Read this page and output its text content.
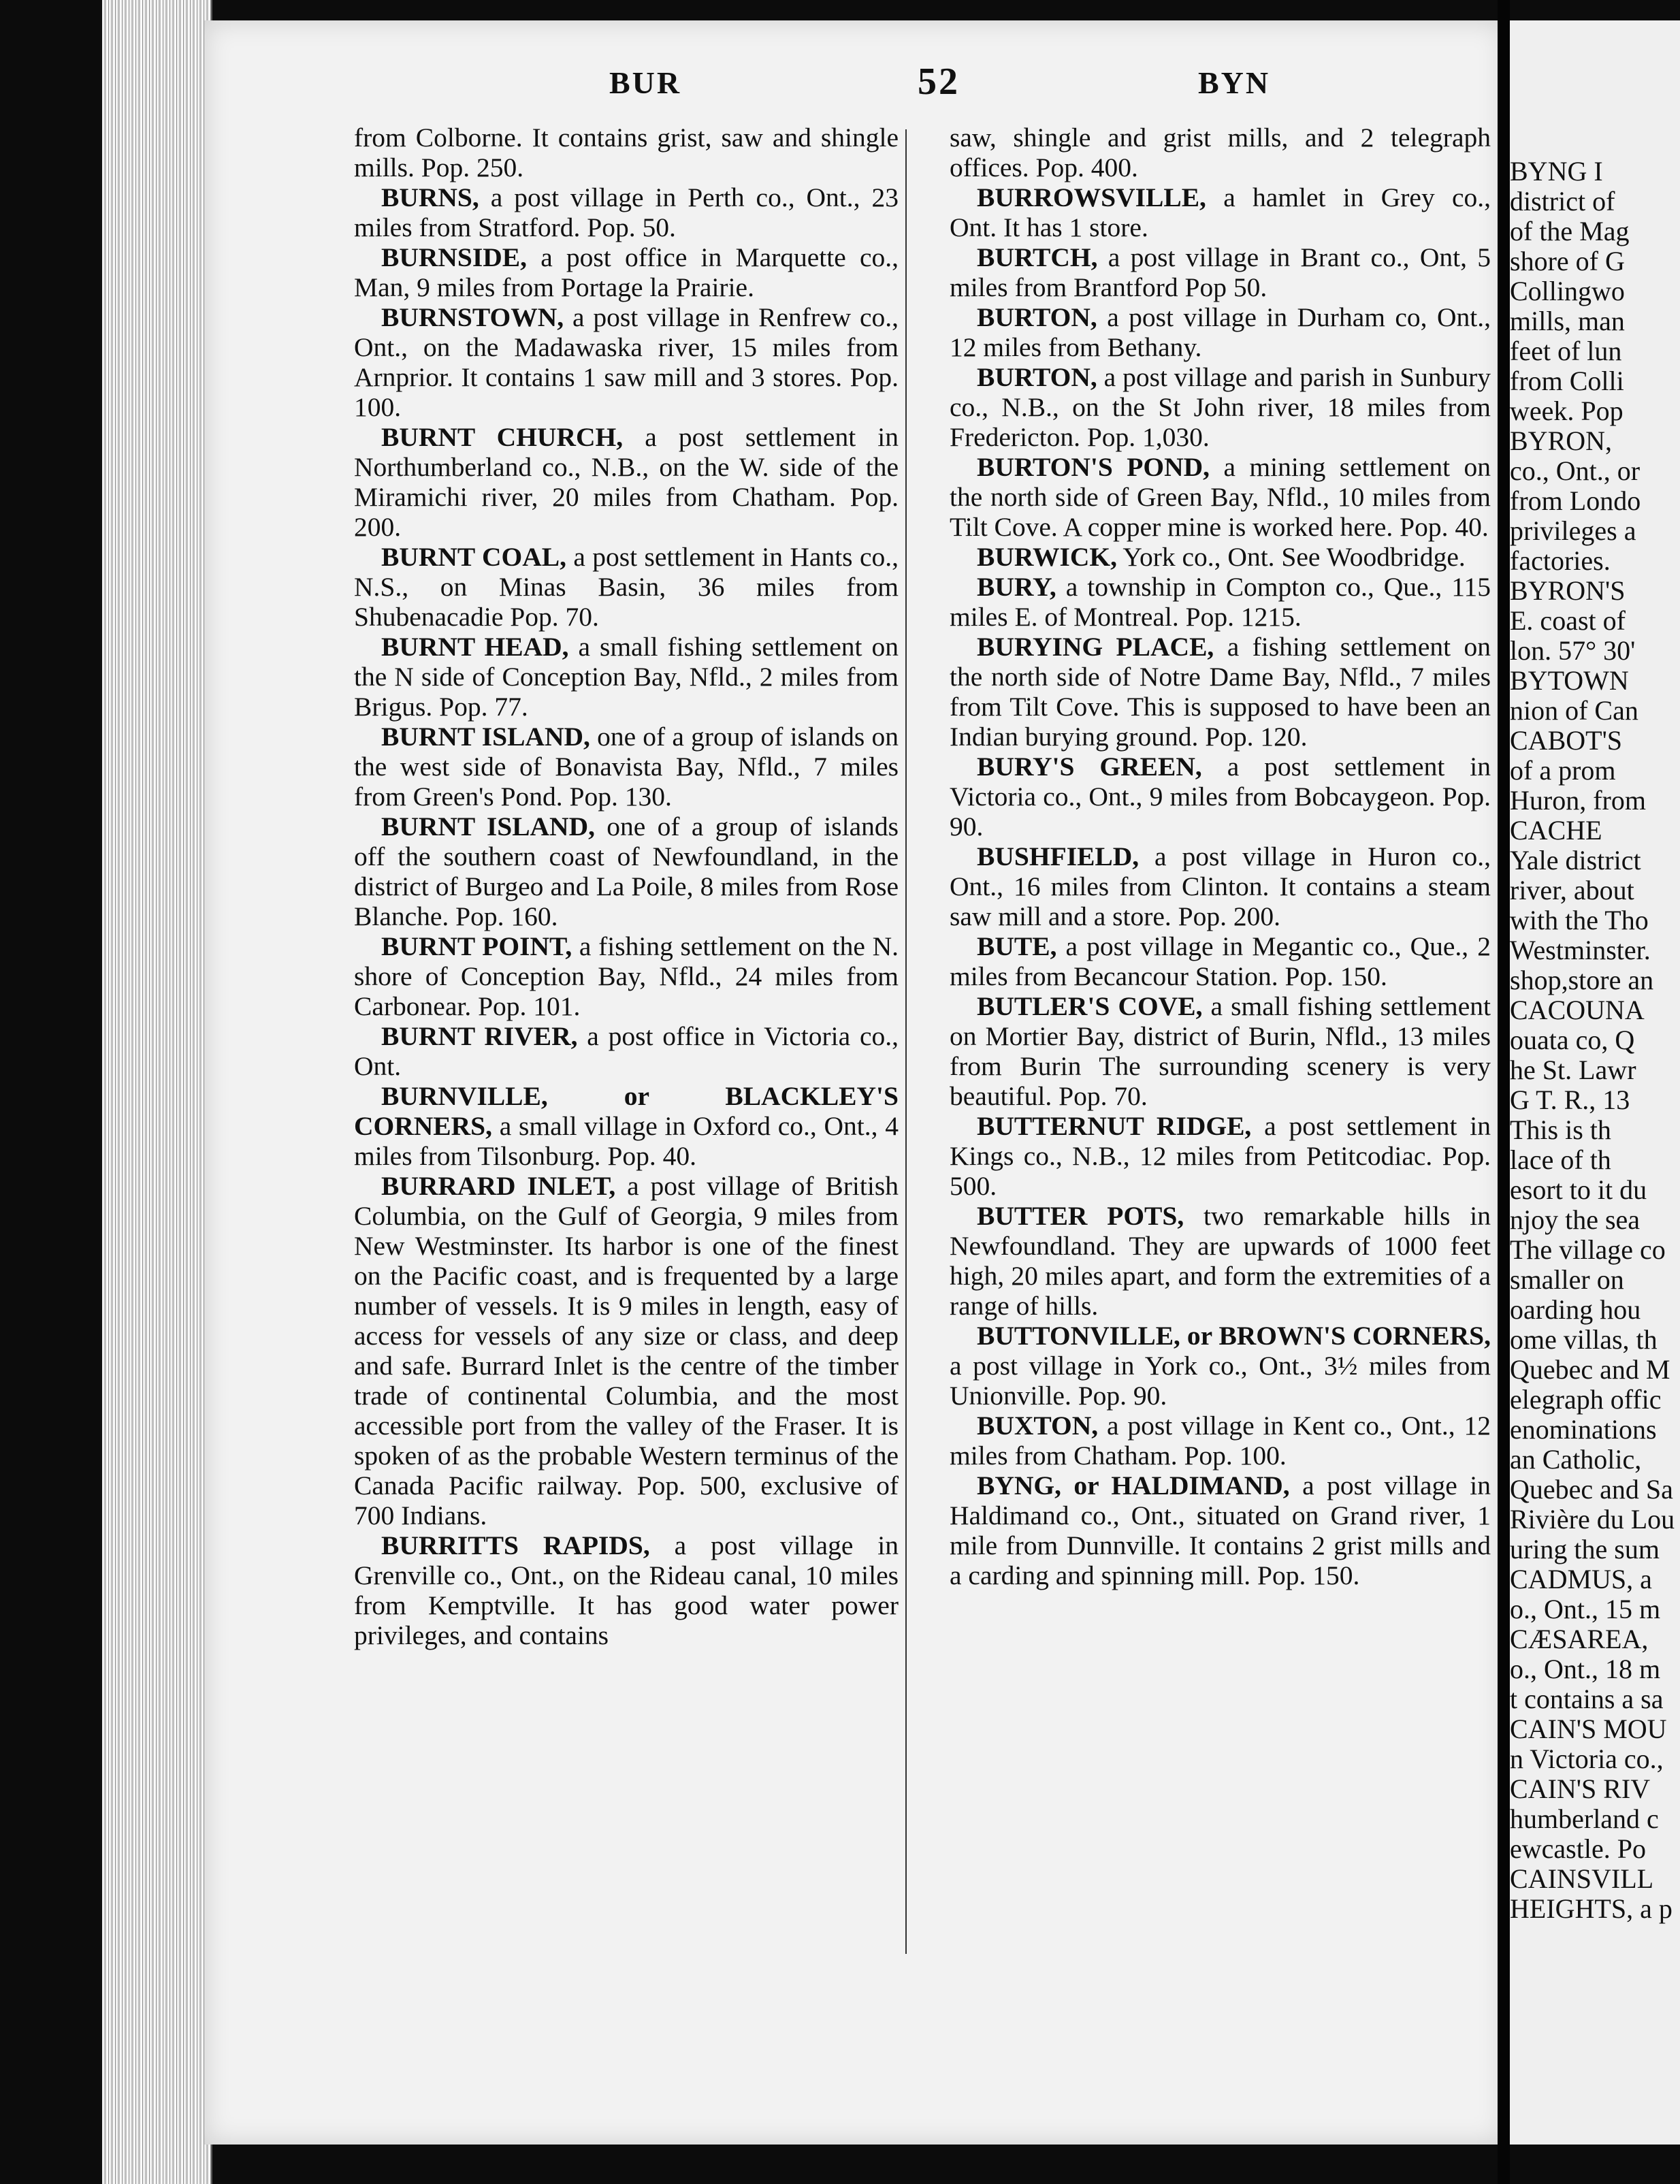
BYNG I
district of
of the Mag
shore of G
Collingwo
mills, man
feet of lun
from Colli
week. Pop
BYRON,
co., Ont., or
from Londo
privileges a
factories.
BYRON'S
E. coast of
lon. 57° 30'
BYTOWN
nion of Can
CABOT'S
of a prom
Huron, from
CACHE
Yale district
river, about
with the Tho
Westminster.
shop,store an
CACOUNA
ouata co, Q
he St. Lawr
G T. R., 13
This is th
lace of th
esort to it du
njoy the sea
The village co
smaller on
oarding hou
ome villas, th
Quebec and M
elegraph offic
enominations
an Catholic,
Quebec and Sa
Rivière du Lou
uring the sum
CADMUS, a
o., Ont., 15 m
CÆSAREA,
o., Ont., 18 m
t contains a sa
CAIN'S MOU
n Victoria co.,
CAIN'S RIV
humberland c
ewcastle. Po
CAINSVILL
HEIGHTS, a p
BUR	52	BYN

from Colborne. It contains grist, saw and shingle mills. Pop. 250.

BURNS, a post village in Perth co., Ont., 23 miles from Stratford. Pop. 50.

BURNSIDE, a post office in Marquette co., Man, 9 miles from Portage la Prairie.

BURNSTOWN, a post village in Renfrew co., Ont., on the Madawaska river, 15 miles from Arnprior. It contains 1 saw mill and 3 stores. Pop. 100.

BURNT CHURCH, a post settlement in Northumberland co., N.B., on the W. side of the Miramichi river, 20 miles from Chatham. Pop. 200.

BURNT COAL, a post settlement in Hants co., N.S., on Minas Basin, 36 miles from Shubenacadie Pop. 70.

BURNT HEAD, a small fishing settlement on the N side of Conception Bay, Nfld., 2 miles from Brigus. Pop. 77.

BURNT ISLAND, one of a group of islands on the west side of Bonavista Bay, Nfld., 7 miles from Green's Pond. Pop. 130.

BURNT ISLAND, one of a group of islands off the southern coast of Newfoundland, in the district of Burgeo and La Poile, 8 miles from Rose Blanche. Pop. 160.

BURNT POINT, a fishing settlement on the N. shore of Conception Bay, Nfld., 24 miles from Carbonear. Pop. 101.

BURNT RIVER, a post office in Victoria co., Ont.

BURNVILLE, or BLACKLEY'S CORNERS, a small village in Oxford co., Ont., 4 miles from Tilsonburg. Pop. 40.

BURRARD INLET, a post village of British Columbia, on the Gulf of Georgia, 9 miles from New Westminster. Its harbor is one of the finest on the Pacific coast, and is frequented by a large number of vessels. It is 9 miles in length, easy of access for vessels of any size or class, and deep and safe. Burrard Inlet is the centre of the timber trade of continental Columbia, and the most accessible port from the valley of the Fraser. It is spoken of as the probable Western terminus of the Canada Pacific railway. Pop. 500, exclusive of 700 Indians.

BURRITTS RAPIDS, a post village in Grenville co., Ont., on the Rideau canal, 10 miles from Kemptville. It has good water power privileges, and contains

saw, shingle and grist mills, and 2 telegraph offices. Pop. 400.

BURROWSVILLE, a hamlet in Grey co., Ont. It has 1 store.

BURTCH, a post village in Brant co., Ont, 5 miles from Brantford Pop 50.

BURTON, a post village in Durham co, Ont., 12 miles from Bethany.

BURTON, a post village and parish in Sunbury co., N.B., on the St John river, 18 miles from Fredericton. Pop. 1,030.

BURTON'S POND, a mining settlement on the north side of Green Bay, Nfld., 10 miles from Tilt Cove. A copper mine is worked here. Pop. 40.

BURWICK, York co., Ont. See Woodbridge.

BURY, a township in Compton co., Que., 115 miles E. of Montreal. Pop. 1215.

BURYING PLACE, a fishing settlement on the north side of Notre Dame Bay, Nfld., 7 miles from Tilt Cove. This is supposed to have been an Indian burying ground. Pop. 120.

BURY'S GREEN, a post settlement in Victoria co., Ont., 9 miles from Bobcaygeon. Pop. 90.

BUSHFIELD, a post village in Huron co., Ont., 16 miles from Clinton. It contains a steam saw mill and a store. Pop. 200.

BUTE, a post village in Megantic co., Que., 2 miles from Becancour Station. Pop. 150.

BUTLER'S COVE, a small fishing settlement on Mortier Bay, district of Burin, Nfld., 13 miles from Burin The surrounding scenery is very beautiful. Pop. 70.

BUTTERNUT RIDGE, a post settlement in Kings co., N.B., 12 miles from Petitcodiac. Pop. 500.

BUTTER POTS, two remarkable hills in Newfoundland. They are upwards of 1000 feet high, 20 miles apart, and form the extremities of a range of hills.

BUTTONVILLE, or BROWN'S CORNERS, a post village in York co., Ont., 3½ miles from Unionville. Pop. 90.

BUXTON, a post village in Kent co., Ont., 12 miles from Chatham. Pop. 100.

BYNG, or HALDIMAND, a post village in Haldimand co., Ont., situated on Grand river, 1 mile from Dunnville. It contains 2 grist mills and a carding and spinning mill. Pop. 150.
